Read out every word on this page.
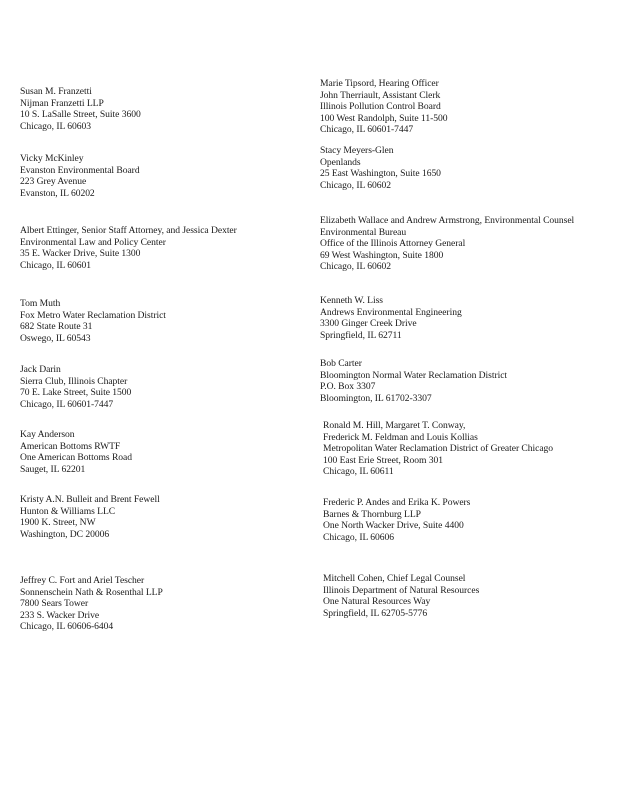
Susan M. Franzetti
Nijman Franzetti LLP
10 S. LaSalle Street, Suite 3600
Chicago, IL 60603
Vicky McKinley
Evanston Environmental Board
223 Grey Avenue
Evanston, IL 60202
Albert Ettinger, Senior Staff Attorney, and Jessica Dexter
Environmental Law and Policy Center
35 E. Wacker Drive, Suite 1300
Chicago, IL 60601
Tom Muth
Fox Metro Water Reclamation District
682 State Route 31
Oswego, IL 60543
Jack Darin
Sierra Club, Illinois Chapter
70 E. Lake Street, Suite 1500
Chicago, IL 60601-7447
Kay Anderson
American Bottoms RWTF
One American Bottoms Road
Sauget, IL 62201
Kristy A.N. Bulleit and Brent Fewell
Hunton & Williams LLC
1900 K. Street, NW
Washington, DC 20006
Jeffrey C. Fort and Ariel Tescher
Sonnenschein Nath & Rosenthal LLP
7800 Sears Tower
233 S. Wacker Drive
Chicago, IL 60606-6404
Marie Tipsord, Hearing Officer
John Therriault, Assistant Clerk
Illinois Pollution Control Board
100 West Randolph, Suite 11-500
Chicago, IL 60601-7447
Stacy Meyers-Glen
Openlands
25 East Washington, Suite 1650
Chicago, IL 60602
Elizabeth Wallace and Andrew Armstrong, Environmental Counsel
Environmental Bureau
Office of the Illinois Attorney General
69 West Washington, Suite 1800
Chicago, IL 60602
Kenneth W. Liss
Andrews Environmental Engineering
3300 Ginger Creek Drive
Springfield, IL 62711
Bob Carter
Bloomington Normal Water Reclamation District
P.O. Box 3307
Bloomington, IL 61702-3307
Ronald M. Hill, Margaret T. Conway,
Frederick M. Feldman and Louis Kollias
Metropolitan Water Reclamation District of Greater Chicago
100 East Erie Street, Room 301
Chicago, IL 60611
Frederic P. Andes and Erika K. Powers
Barnes & Thornburg LLP
One North Wacker Drive, Suite 4400
Chicago, IL 60606
Mitchell Cohen, Chief Legal Counsel
Illinois Department of Natural Resources
One Natural Resources Way
Springfield, IL 62705-5776
